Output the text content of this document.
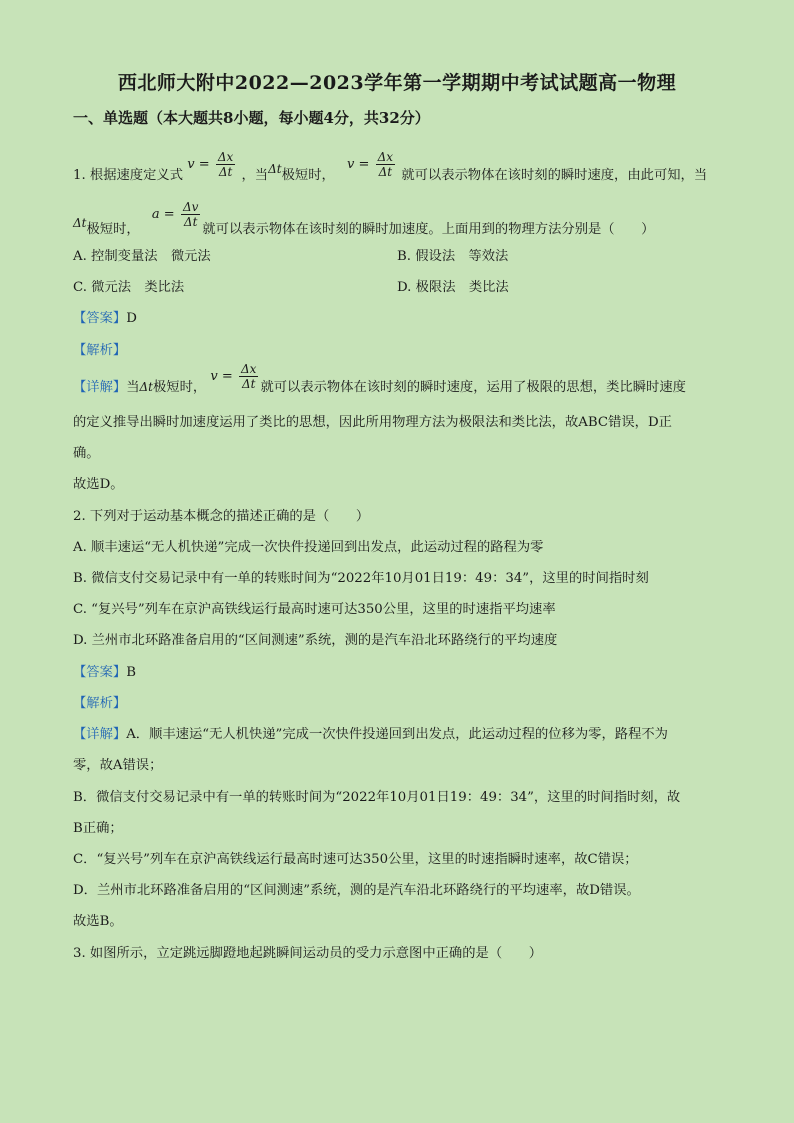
西北师大附中2022—2023学年第一学期期中考试试题高一物理
一、单选题（本大题共8小题，每小题4分，共32分）
1. 根据速度定义式 $v = \frac{\Delta x}{\Delta t}$ ，当Δt极短时， $v = \frac{\Delta x}{\Delta t}$ 就可以表示物体在该时刻的瞬时速度，由此可知，当
Δt极短时， $a = \frac{\Delta v}{\Delta t}$
就可以表示物体在该时刻的瞬时加速度。上面用到的物理方法分别是（　　）
A. 控制变量法　微元法	B. 假设法　等效法
C. 微元法　类比法	D. 极限法　类比法
【答案】D
【解析】
【详解】当Δt极短时， $v = \frac{\Delta x}{\Delta t}$ 就可以表示物体在该时刻的瞬时速度，运用了极限的思想，类比瞬时速度
的定义推导出瞬时加速度运用了类比的思想，因此所用物理方法为极限法和类比法，故ABC错误，D正
确。
故选D。
2. 下列对于运动基本概念的描述正确的是（　　）
A. 顺丰速运“无人机快递”完成一次快件投递回到出发点，此运动过程的路程为零
B. 微信支付交易记录中有一单的转账时间为“2022年10月01日19：49：34”，这里的时间指时刻
C. “复兴号”列车在京沪高铁线运行最高时速可达350公里，这里的时速指平均速率
D. 兰州市北环路准备启用的“区间测速”系统，测的是汽车沿北环路绕行的平均速度
【答案】B
【解析】
【详解】A．顺丰速运“无人机快递”完成一次快件投递回到出发点，此运动过程的位移为零，路程不为
零，故A错误；
B．微信支付交易记录中有一单的转账时间为“2022年10月01日19：49：34”，这里的时间指时刻，故
B正确；
C．“复兴号”列车在京沪高铁线运行最高时速可达350公里，这里的时速指瞬时速率，故C错误；
D．兰州市北环路准备启用的“区间测速”系统，测的是汽车沿北环路绕行的平均速率，故D错误。
故选B。
3. 如图所示，立定跳远脚蹬地起跳瞬间运动员的受力示意图中正确的是（　　）
